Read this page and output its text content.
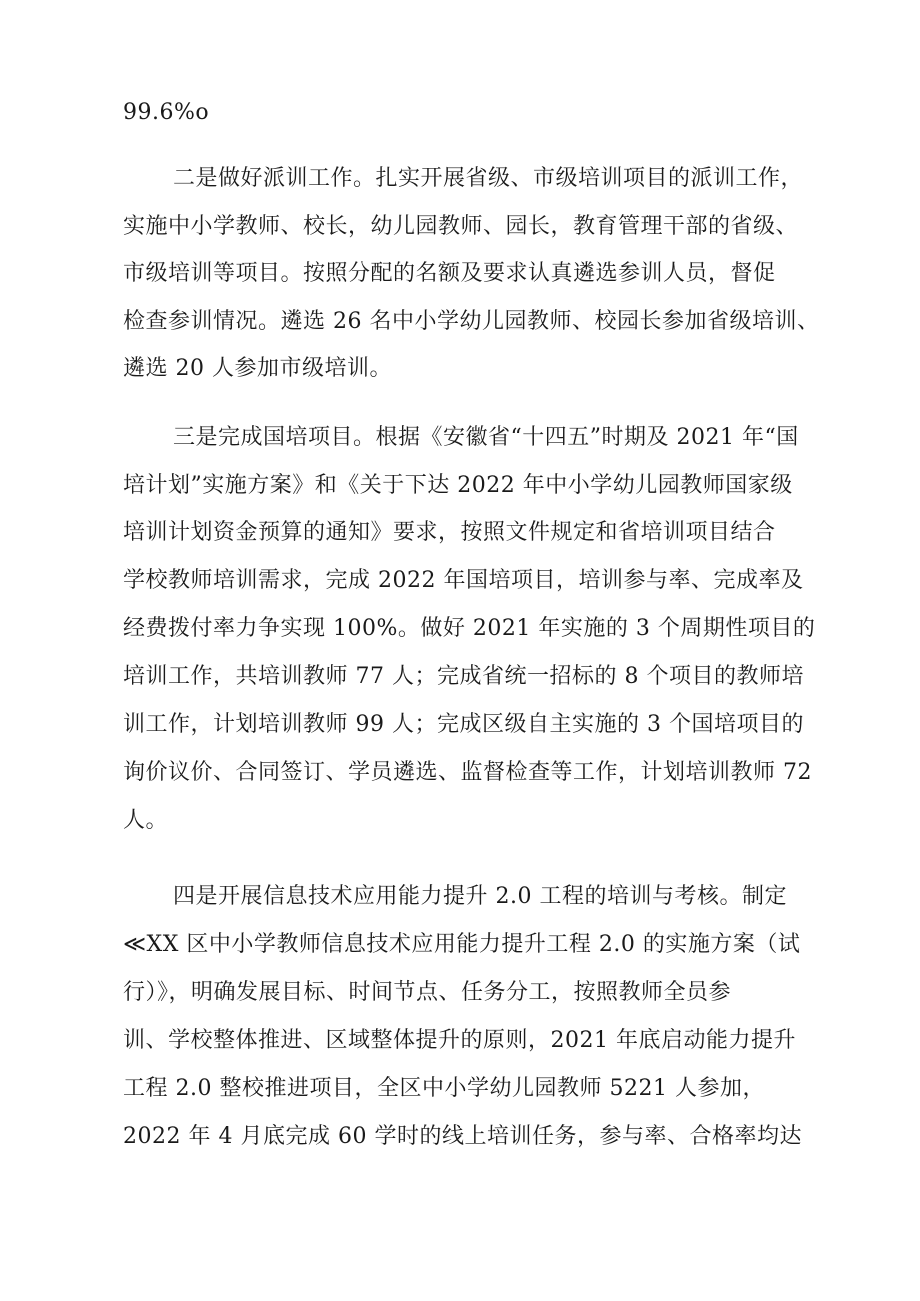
99.6%o
二是做好派训工作。扎实开展省级、市级培训项目的派训工作，
实施中小学教师、校长，幼儿园教师、园长，教育管理干部的省级、
市级培训等项目。按照分配的名额及要求认真遴选参训人员，督促
检查参训情况。遴选 26 名中小学幼儿园教师、校园长参加省级培训、
遴选 20 人参加市级培训。
三是完成国培项目。根据《安徽省“十四五”时期及 2021 年“国
培计划”实施方案》和《关于下达 2022 年中小学幼儿园教师国家级
培训计划资金预算的通知》要求，按照文件规定和省培训项目结合
学校教师培训需求，完成 2022 年国培项目，培训参与率、完成率及
经费拨付率力争实现 100%。做好 2021 年实施的 3 个周期性项目的
培训工作，共培训教师 77 人；完成省统一招标的 8 个项目的教师培
训工作，计划培训教师 99 人；完成区级自主实施的 3 个国培项目的
询价议价、合同签订、学员遴选、监督检查等工作，计划培训教师 72
人。
四是开展信息技术应用能力提升 2.0 工程的培训与考核。制定
≪XX 区中小学教师信息技术应用能力提升工程 2.0 的实施方案（试
行）》，明确发展目标、时间节点、任务分工，按照教师全员参
训、学校整体推进、区域整体提升的原则，2021 年底启动能力提升
工程 2.0 整校推进项目，全区中小学幼儿园教师 5221 人参加，
2022 年 4 月底完成 60 学时的线上培训任务，参与率、合格率均达
